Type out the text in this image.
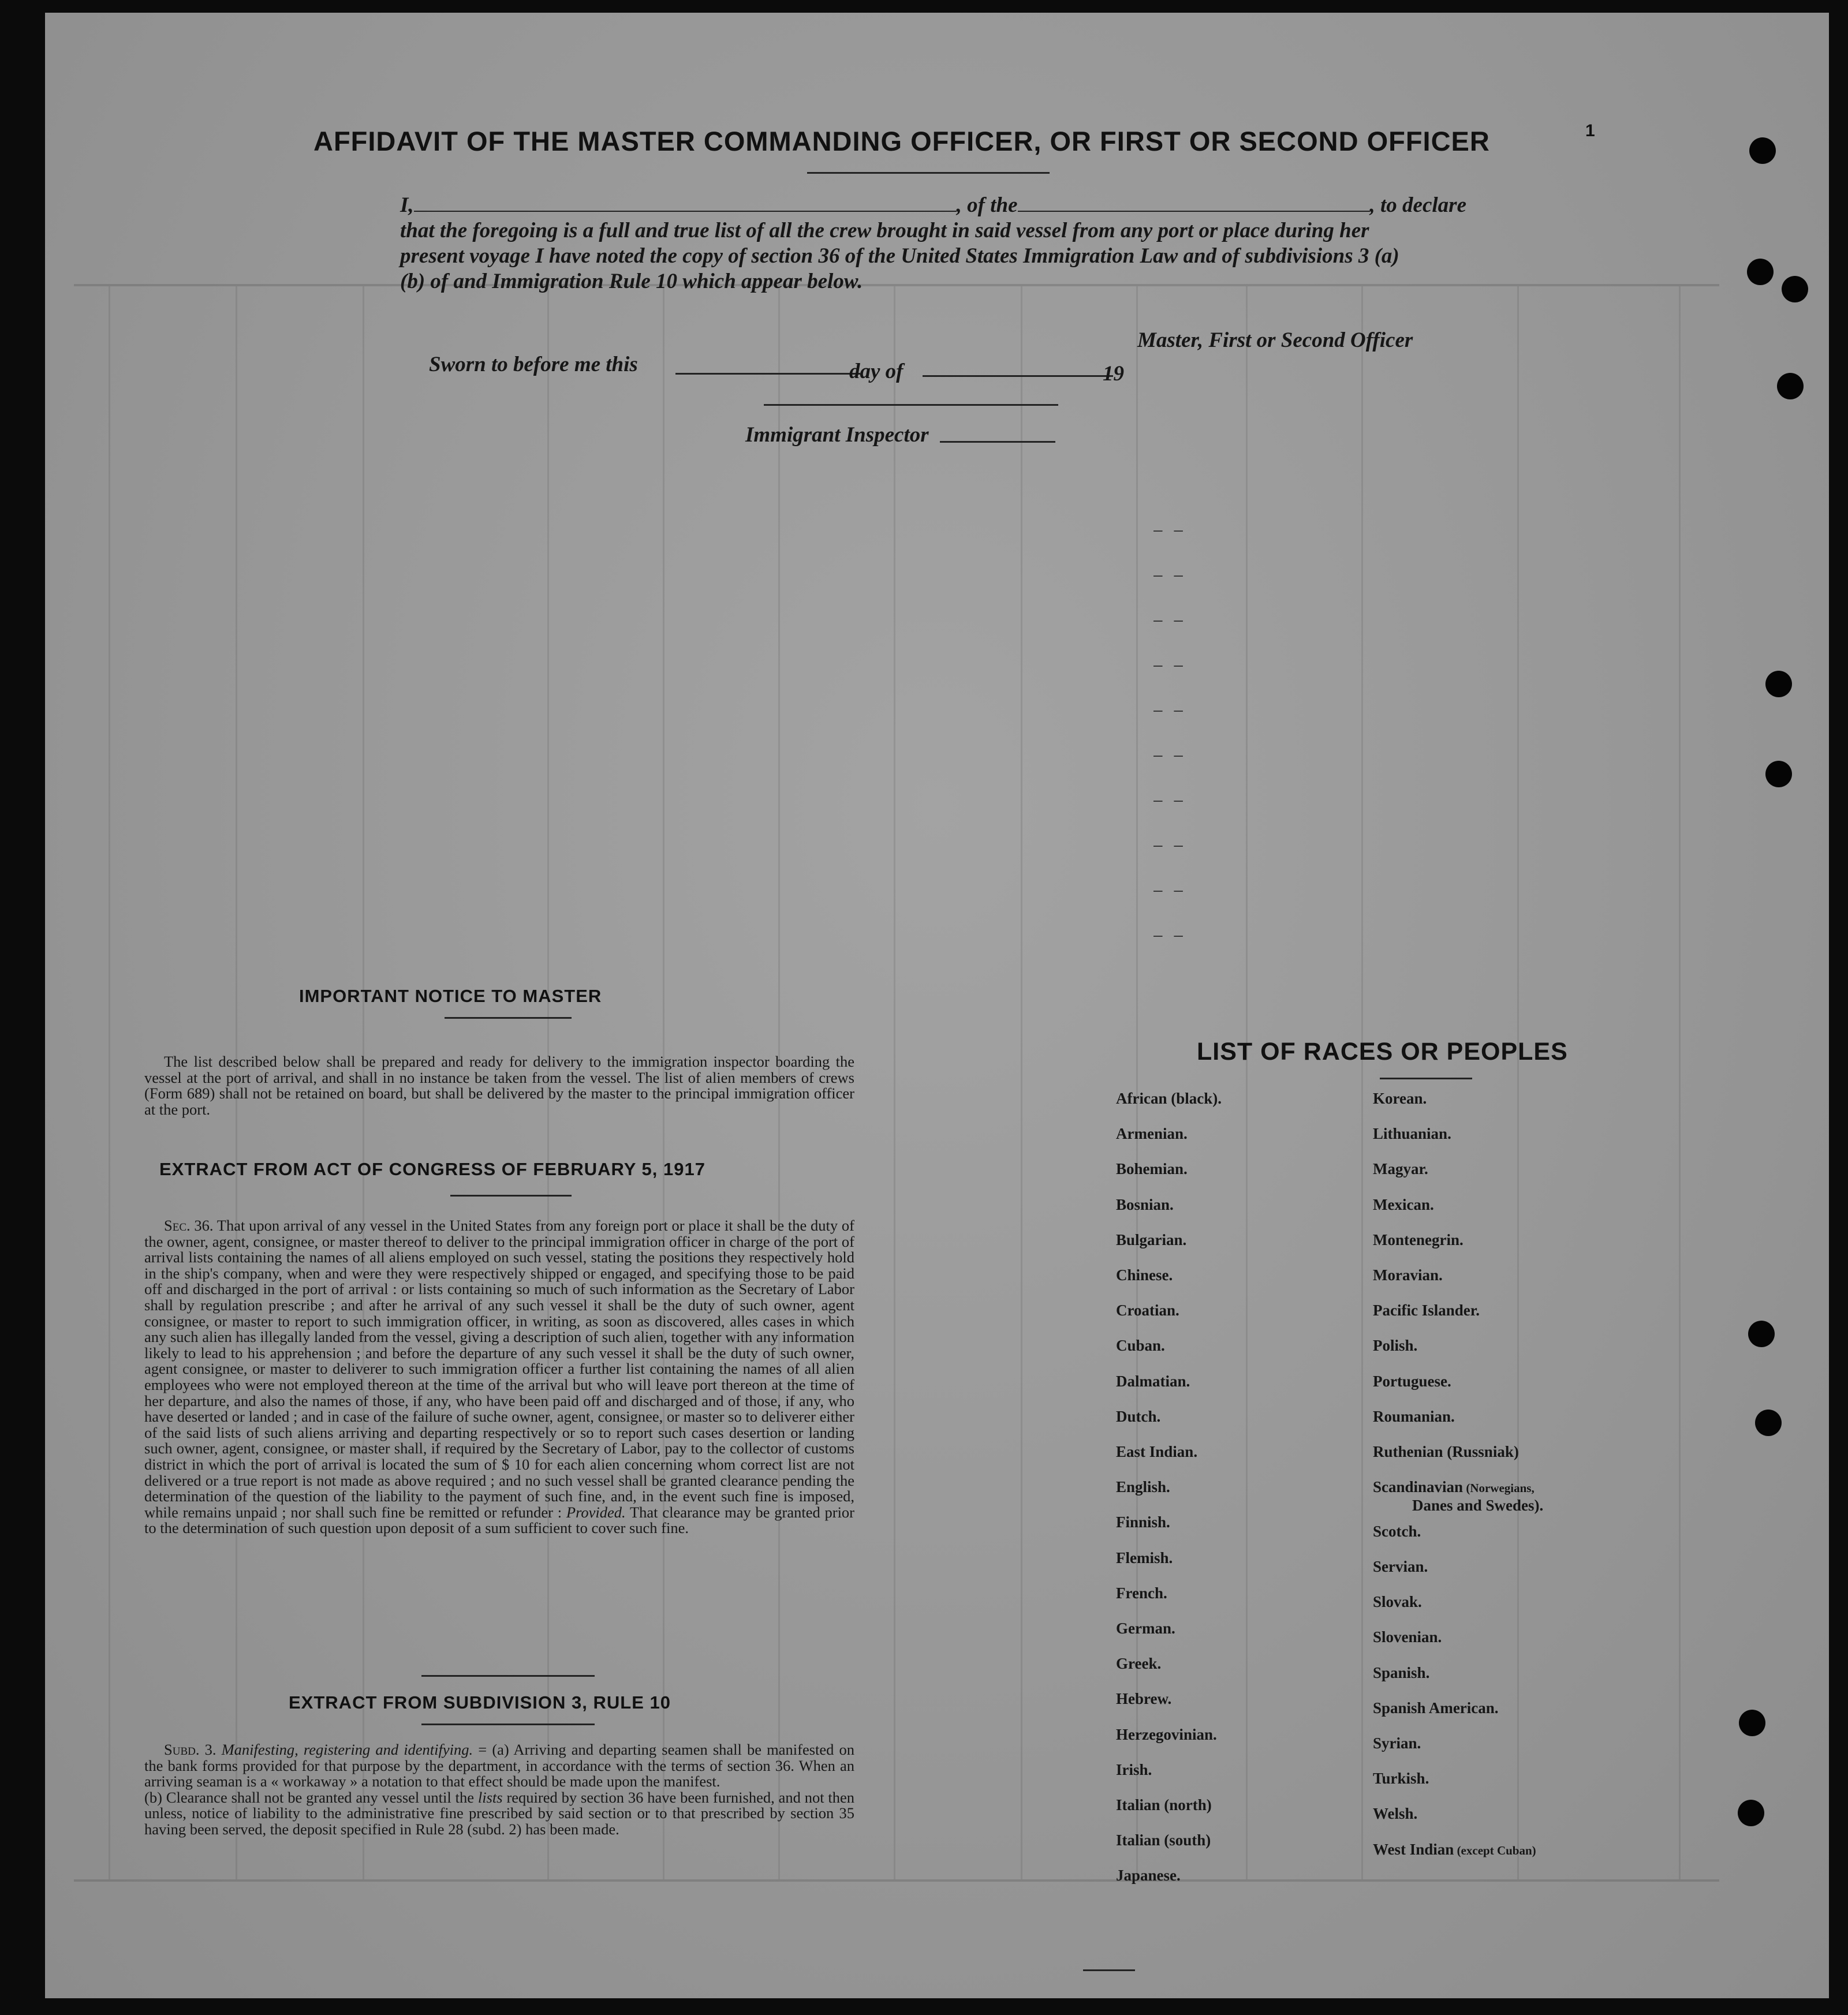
– –
– –
– –
– –
– –
– –
– –
– –
– –
– –
AFFIDAVIT OF THE MASTER COMMANDING OFFICER, OR FIRST OR SECOND OFFICER	1
I,	, of the	, to declare
that the foregoing is a full and true list of all the crew brought in said vessel from any port or place during her
present voyage I have noted the copy of section 36 of the United States Immigration Law and of subdivisions 3 (a)
(b) of and Immigration Rule 10 which appear below.
Master, First or Second Officer
Sworn to before me this	day of	19
Immigrant Inspector
IMPORTANT NOTICE TO MASTER
The list described below shall be prepared and ready for delivery to the immigration inspector boarding the vessel at the port of arrival, and shall in no instance be taken from the vessel. The list of alien members of crews (Form 689) shall not be retained on board, but shall be delivered by the master to the principal immigration officer at the port.
EXTRACT FROM ACT OF CONGRESS OF FEBRUARY 5, 1917
Sec. 36. That upon arrival of any vessel in the United States from any foreign port or place it shall be the duty of the owner, agent, consignee, or master thereof to deliver to the principal immigration officer in charge of the port of arrival lists containing the names of all aliens employed on such vessel, stating the positions they respectively hold in the ship's company, when and were they were respectively shipped or engaged, and specifying those to be paid off and discharged in the port of arrival : or lists containing so much of such information as the Secretary of Labor shall by regulation prescribe ; and after he arrival of any such vessel it shall be the duty of such owner, agent consignee, or master to report to such immigration officer, in writing, as soon as discovered, alles cases in which any such alien has illegally landed from the vessel, giving a description of such alien, together with any information likely to lead to his apprehension ; and before the departure of any such vessel it shall be the duty of such owner, agent consignee, or master to deliverer to such immigration officer a further list containing the names of all alien employees who were not employed thereon at the time of the arrival but who will leave port thereon at the time of her departure, and also the names of those, if any, who have been paid off and discharged and of those, if any, who have deserted or landed ; and in case of the failure of suche owner, agent, consignee, or master so to deliverer either of the said lists of such aliens arriving and departing respectively or so to report such cases desertion or landing such owner, agent, consignee, or master shall, if required by the Secretary of Labor, pay to the collector of customs district in which the port of arrival is located the sum of $ 10 for each alien concerning whom correct list are not delivered or a true report is not made as above required ; and no such vessel shall be granted clearance pending the determination of the question of the liability to the payment of such fine, and, in the event such fine is imposed, while remains unpaid ; nor shall such fine be remitted or refunder : Provided. That clearance may be granted prior to the determination of such question upon deposit of a sum sufficient to cover such fine.
EXTRACT FROM SUBDIVISION 3, RULE 10
Subd. 3. Manifesting, registering and identifying. = (a) Arriving and departing seamen shall be manifested on the bank forms provided for that purpose by the department, in accordance with the terms of section 36. When an arriving seaman is a « workaway » a notation to that effect should be made upon the manifest.
(b) Clearance shall not be granted any vessel until the lists required by section 36 have been furnished, and not then unless, notice of liability to the administrative fine prescribed by said section or to that prescribed by section 35 having been served, the deposit specified in Rule 28 (subd. 2) has been made.
LIST OF RACES OR PEOPLES
African (black).
Armenian.
Bohemian.
Bosnian.
Bulgarian.
Chinese.
Croatian.
Cuban.
Dalmatian.
Dutch.
East Indian.
English.
Finnish.
Flemish.
French.
German.
Greek.
Hebrew.
Herzegovinian.
Irish.
Italian (north)
Italian (south)
Japanese.
Korean.
Lithuanian.
Magyar.
Mexican.
Montenegrin.
Moravian.
Pacific Islander.
Polish.
Portuguese.
Roumanian.
Ruthenian (Russniak)
Scandinavian (Norwegians,
Danes and Swedes).
Scotch.
Servian.
Slovak.
Slovenian.
Spanish.
Spanish American.
Syrian.
Turkish.
Welsh.
West Indian (except Cuban)
